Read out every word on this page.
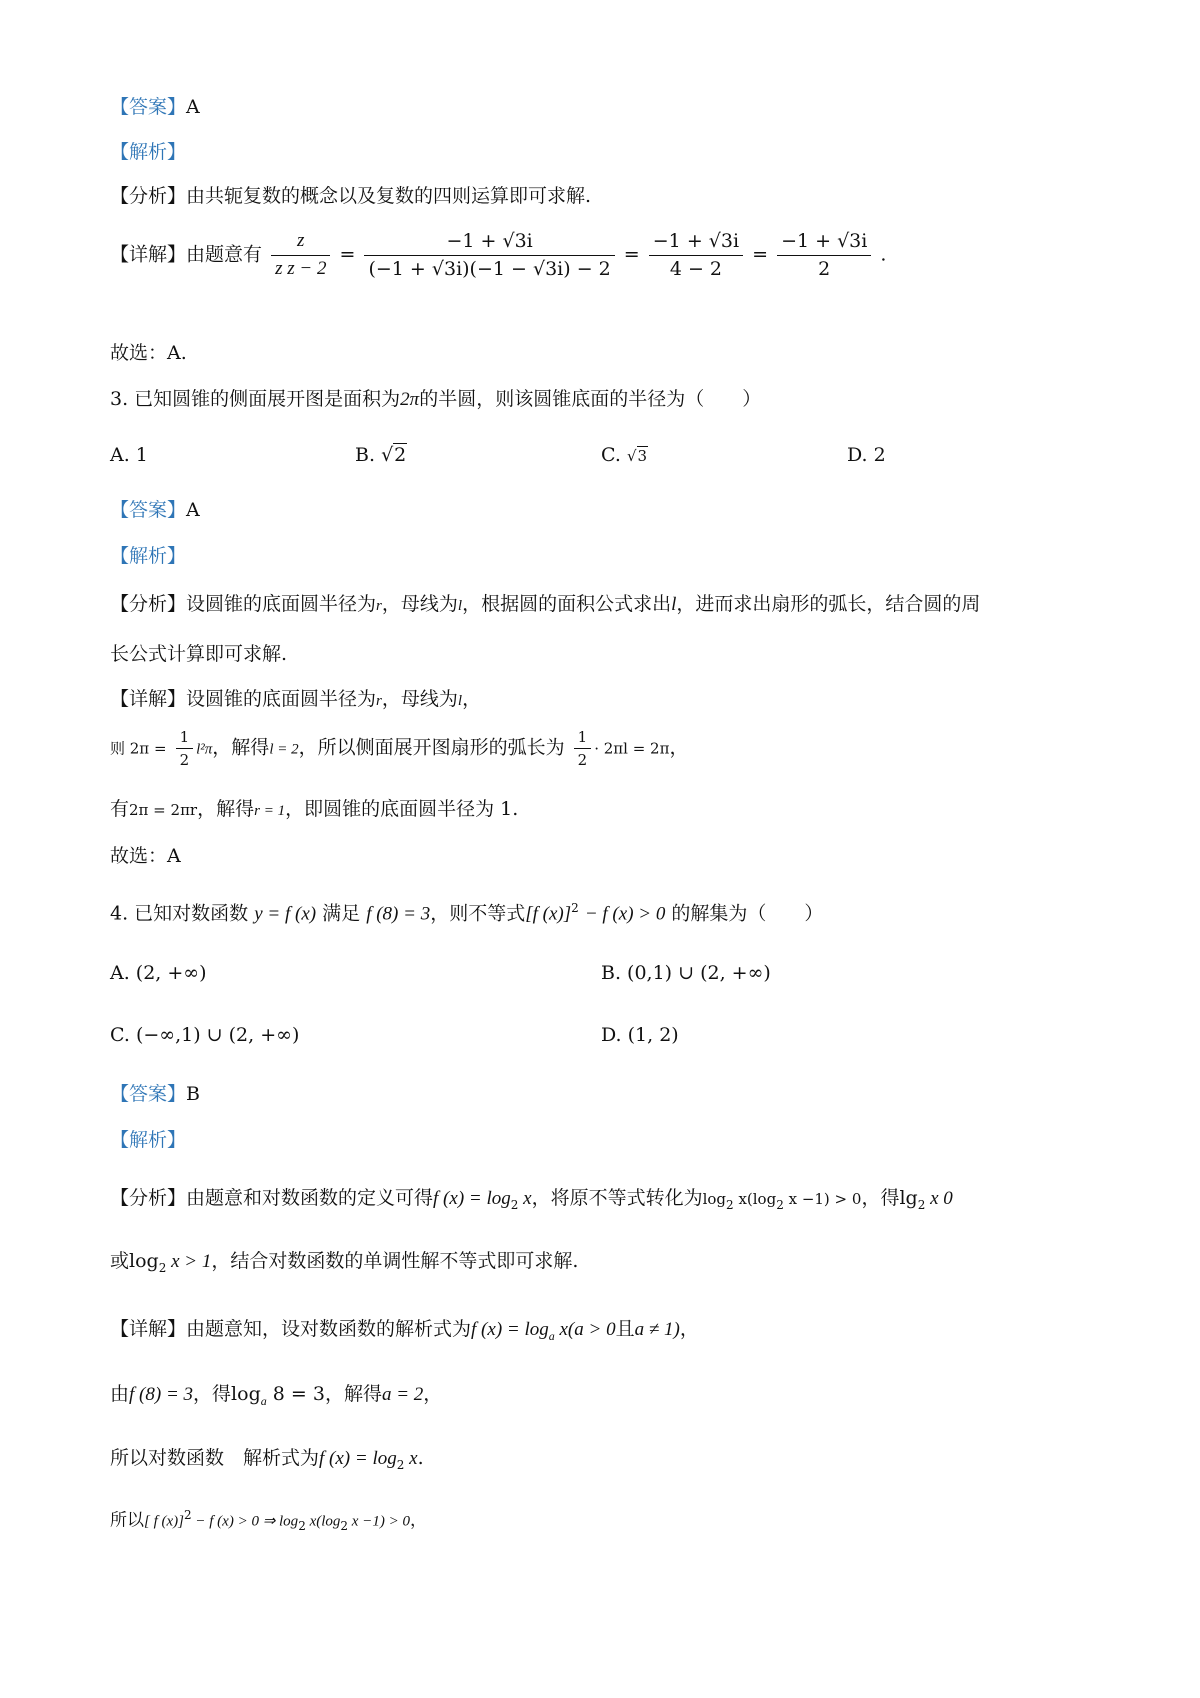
【答案】A
【解析】
【分析】由共轭复数的概念以及复数的四则运算即可求解.
【详解】由题意有 $\frac{z}{\text{z z − 2}} = \frac{-1 + √3i}{(-1 + √3i)(-1 - √3i) - 2} = \frac{-1 + √3i}{4 - 2} = \frac{-1 + √3i}{2}$ .
故选：A.
3. 已知圆锥的侧面展开图是面积为2π的半圆，则该圆锥底面的半径为（　　）
A. 1	B. √2	C. √3	D. 2
【答案】A
【解析】
【分析】设圆锥的底面圆半径为r，母线为l，根据圆的面积公式求出l，进而求出扇形的弧长，结合圆的周
长公式计算即可求解.
【详解】设圆锥的底面圆半径为r，母线为l，
则 $2\pi = \frac{1}{2} l^2\pi$，解得l = 2，所以侧面展开图扇形的弧长为 $\frac{1}{2} \cdot 2\pi l = 2\pi$，
有2π = 2πr，解得r = 1，即圆锥的底面圆半径为 1.
故选：A
4. 已知对数函数 y = f (x) 满足 f (8) = 3，则不等式[f (x)]$^2$ − f (x) > 0 的解集为（　　）
A. (2, +∞)	B. (0,1) ∪ (2, +∞)
C. (−∞,1) ∪ (2, +∞)	D. (1, 2)
【答案】B
【解析】
【分析】由题意和对数函数的定义可得f $(x) = \log_2 x$，将原不等式转化为$\log_2 x(\log_2$ x −1) > 0，得$\lg_2 x$ 0
或$\log_2 x > 1$，结合对数函数的单调性解不等式即可求解.
【详解】由题意知，设对数函数的解析式为f $(x) = \log_a x(a > 0$且a ≠ 1)，
由f (8) = 3，得$\log_a 8 = 3$，解得a = 2，
所以对数函数　解析式为f $(x) = \log_2 x$.
所以[ f (x)]$^2$ − f (x) > 0 ⇒ $\log_2 x(\log_2$ x −1) > 0，
